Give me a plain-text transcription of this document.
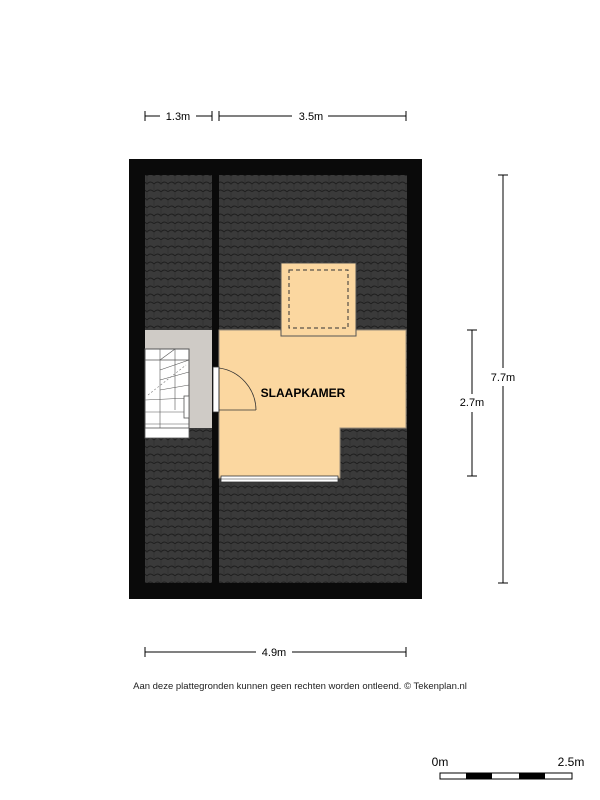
1.3m	3.5m
SLAAPKAMER
7.7m
2.7m
4.9m
0m	2.5m
Aan deze plattegronden kunnen geen rechten worden ontleend. © Tekenplan.nl
